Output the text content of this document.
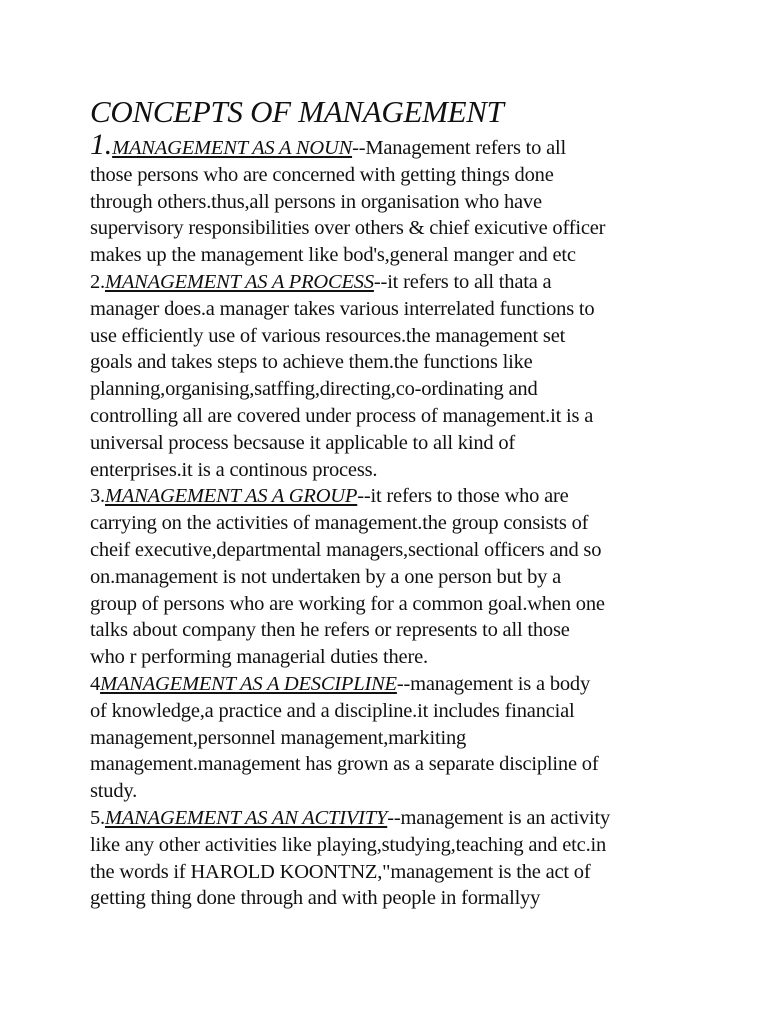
CONCEPTS OF MANAGEMENT
1.MANAGEMENT AS A NOUN--Management refers to all
those persons who are concerned with getting things done
through others.thus,all persons in organisation who have
supervisory responsibilities over others & chief exicutive officer
makes up the management like bod's,general manger and etc
2.MANAGEMENT AS A PROCESS--it refers to all thata a
manager does.a manager takes various interrelated functions to
use efficiently use of various resources.the management set
goals and takes steps to achieve them.the functions like
planning,organising,satffing,directing,co-ordinating and
controlling all are covered under process of management.it is a
universal process becsause it applicable to all kind of
enterprises.it is a continous process.
3.MANAGEMENT AS A GROUP--it refers to those who are
carrying on the activities of management.the group consists of
cheif executive,departmental managers,sectional officers and so
on.management is not undertaken by a one person but by a
group of persons who are working for a common goal.when one
talks about company then he refers or represents to all those
who r performing managerial duties there.
4MANAGEMENT AS A DESCIPLINE--management is a body
of knowledge,a practice and a discipline.it includes financial
management,personnel management,markiting
management.management has grown as a separate discipline of
study.
5.MANAGEMENT AS AN ACTIVITY--management is an activity
like any other activities like playing,studying,teaching and etc.in
the words if HAROLD KOONTNZ,"management is the act of
getting thing done through and with people in formallyy
